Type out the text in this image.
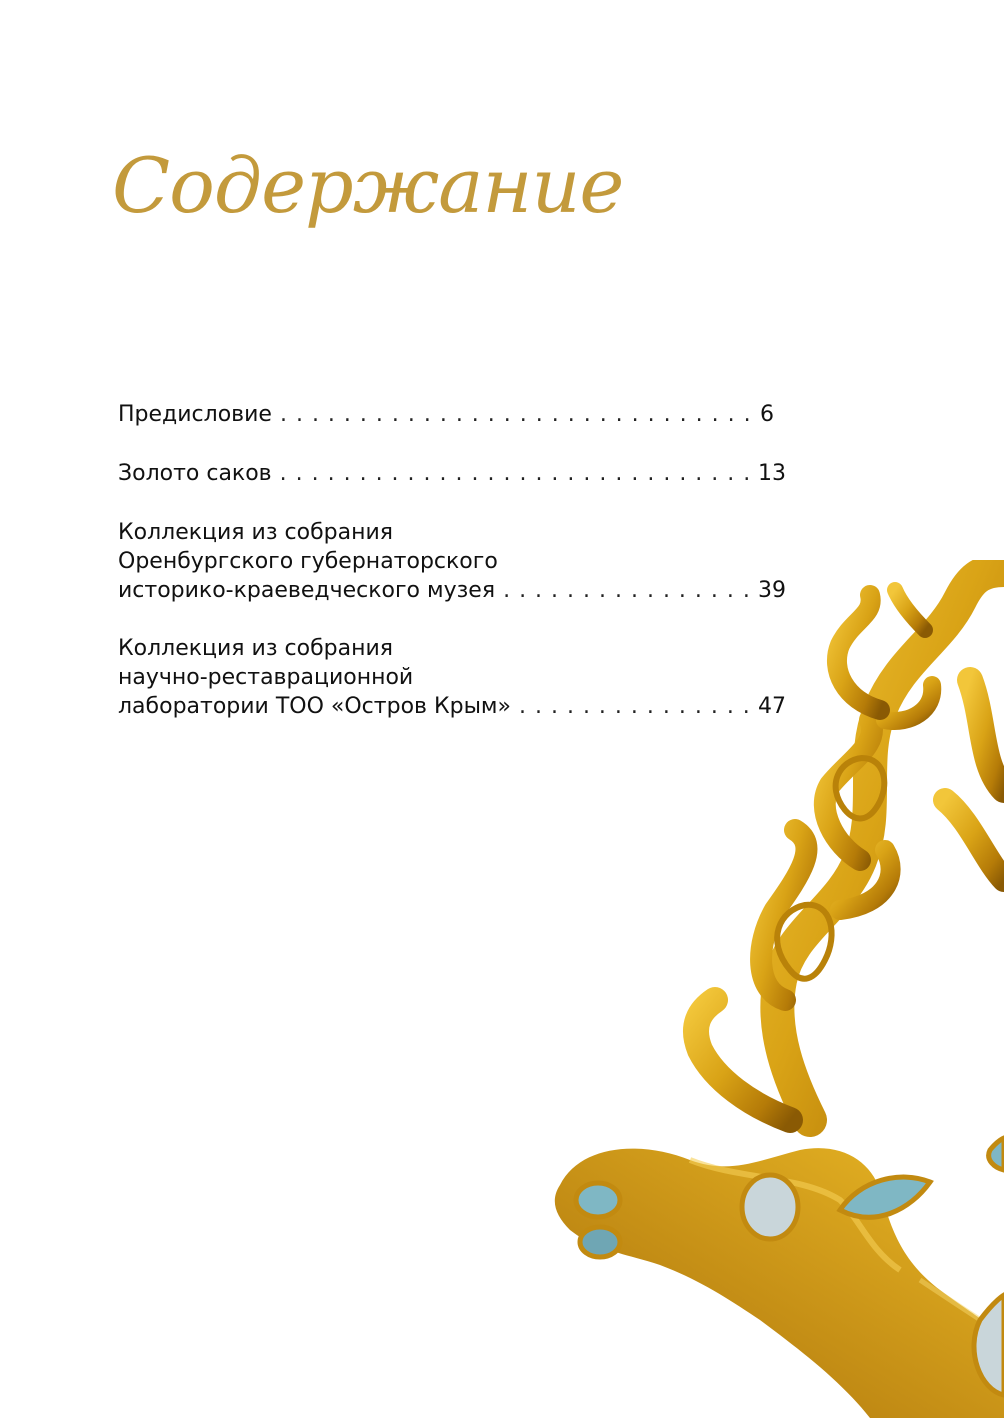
Содержание
Предисловие . . .	6
Золото саков . . .	13
Коллекция из собрания
Оренбургского губернаторского
историко-краеведческого музея . . .	39
Коллекция из собрания
научно-реставрационной
лаборатории ТОО «Остров Крым» . . .	47
